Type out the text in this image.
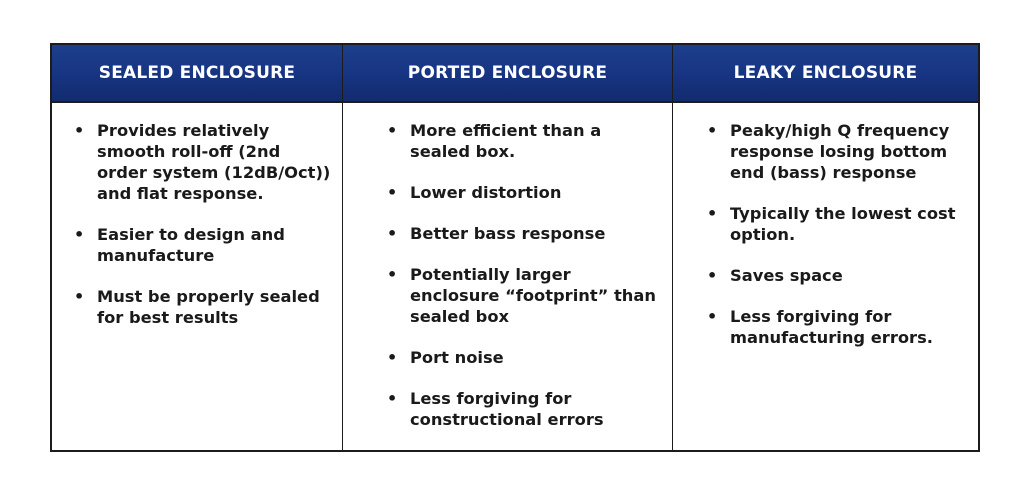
SEALED ENCLOSURE	PORTED ENCLOSURE	LEAKY ENCLOSURE
• Provides relatively smooth roll-off (2nd order system (12dB/Oct)) and flat response.
• Easier to design and manufacture
• Must be properly sealed for best results
• More efficient than a sealed box.
• Lower distortion
• Better bass response
• Potentially larger enclosure “footprint” than sealed box
• Port noise
• Less forgiving for constructional errors
• Peaky/high Q frequency response losing bottom end (bass) response
• Typically the lowest cost option.
• Saves space
• Less forgiving for manufacturing errors.
